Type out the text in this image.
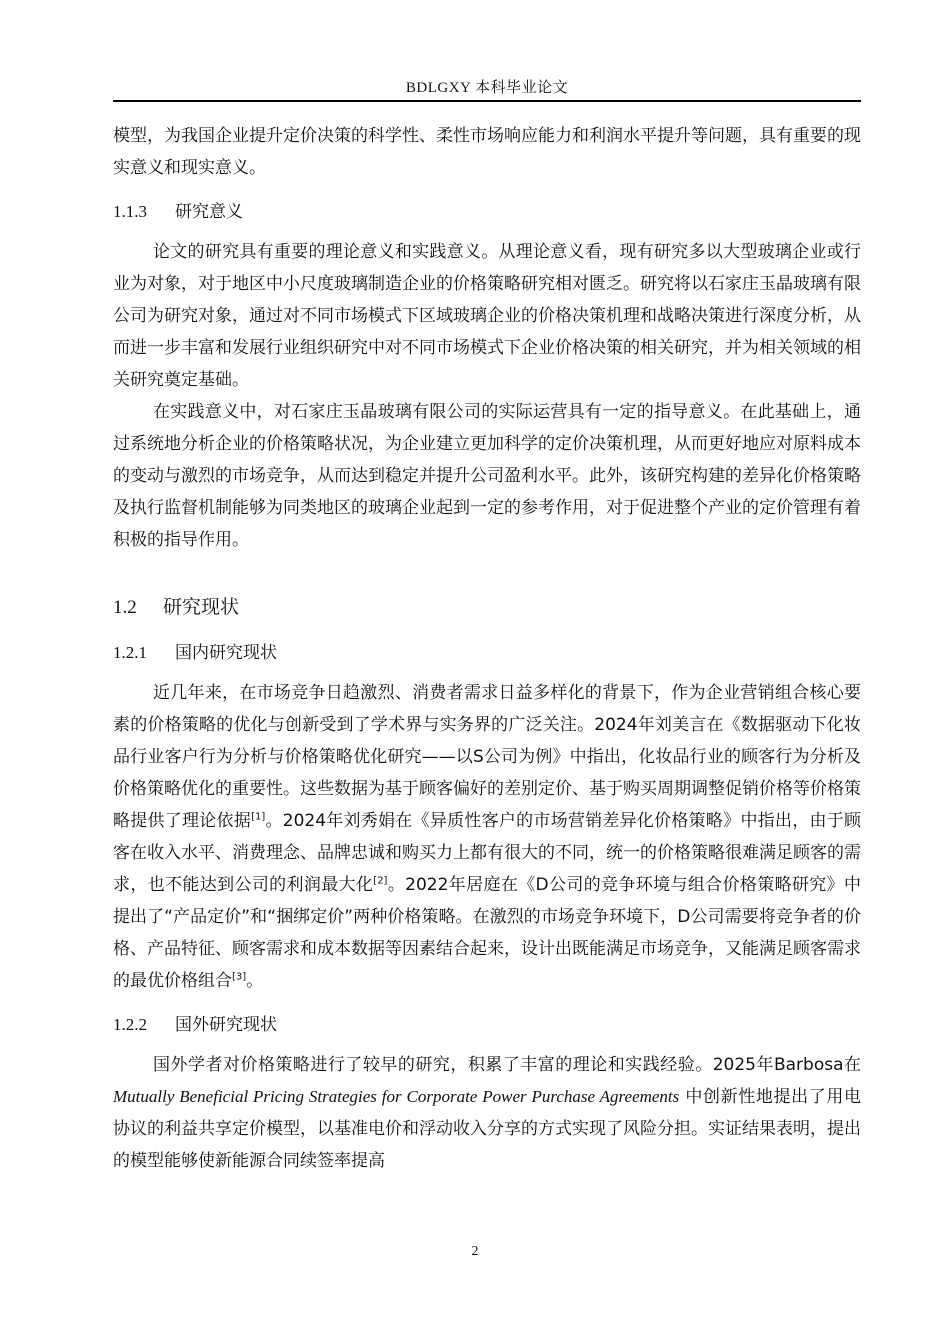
BDLGXY 本科毕业论文

模型，为我国企业提升定价决策的科学性、柔性市场响应能力和利润水平提升等问题，具有重要的现实意义和现实意义。

1.1.3 研究意义

论文的研究具有重要的理论意义和实践意义。从理论意义看，现有研究多以大型玻璃企业或行业为对象，对于地区中小尺度玻璃制造企业的价格策略研究相对匮乏。研究将以石家庄玉晶玻璃有限公司为研究对象，通过对不同市场模式下区域玻璃企业的价格决策机理和战略决策进行深度分析，从而进一步丰富和发展行业组织研究中对不同市场模式下企业价格决策的相关研究，并为相关领域的相关研究奠定基础。

在实践意义中，对石家庄玉晶玻璃有限公司的实际运营具有一定的指导意义。在此基础上，通过系统地分析企业的价格策略状况，为企业建立更加科学的定价决策机理，从而更好地应对原料成本的变动与激烈的市场竞争，从而达到稳定并提升公司盈利水平。此外，该研究构建的差异化价格策略及执行监督机制能够为同类地区的玻璃企业起到一定的参考作用，对于促进整个产业的定价管理有着积极的指导作用。

1.2 研究现状
1.2.1 国内研究现状

近几年来，在市场竞争日趋激烈、消费者需求日益多样化的背景下，作为企业营销组合核心要素的价格策略的优化与创新受到了学术界与实务界的广泛关注。2024年刘美言在《数据驱动下化妆品行业客户行为分析与价格策略优化研究——以S公司为例》中指出，化妆品行业的顾客行为分析及价格策略优化的重要性。这些数据为基于顾客偏好的差别定价、基于购买周期调整促销价格等价格策略提供了理论依据[1]。2024年刘秀娟在《异质性客户的市场营销差异化价格策略》中指出，由于顾客在收入水平、消费理念、品牌忠诚和购买力上都有很大的不同，统一的价格策略很难满足顾客的需求，也不能达到公司的利润最大化[2]。2022年居庭在《D公司的竞争环境与组合价格策略研究》中提出了“产品定价”和“捆绑定价”两种价格策略。在激烈的市场竞争环境下，D公司需要将竞争者的价格、产品特征、顾客需求和成本数据等因素结合起来，设计出既能满足市场竞争，又能满足顾客需求的最优价格组合[3]。

1.2.2 国外研究现状

国外学者对价格策略进行了较早的研究，积累了丰富的理论和实践经验。2025年Barbosa在 Mutually Beneficial Pricing Strategies for Corporate Power Purchase Agreements 中创新性地提出了用电协议的利益共享定价模型，以基准电价和浮动收入分享的方式实现了风险分担。实证结果表明，提出的模型能够使新能源合同续签率提高

2
